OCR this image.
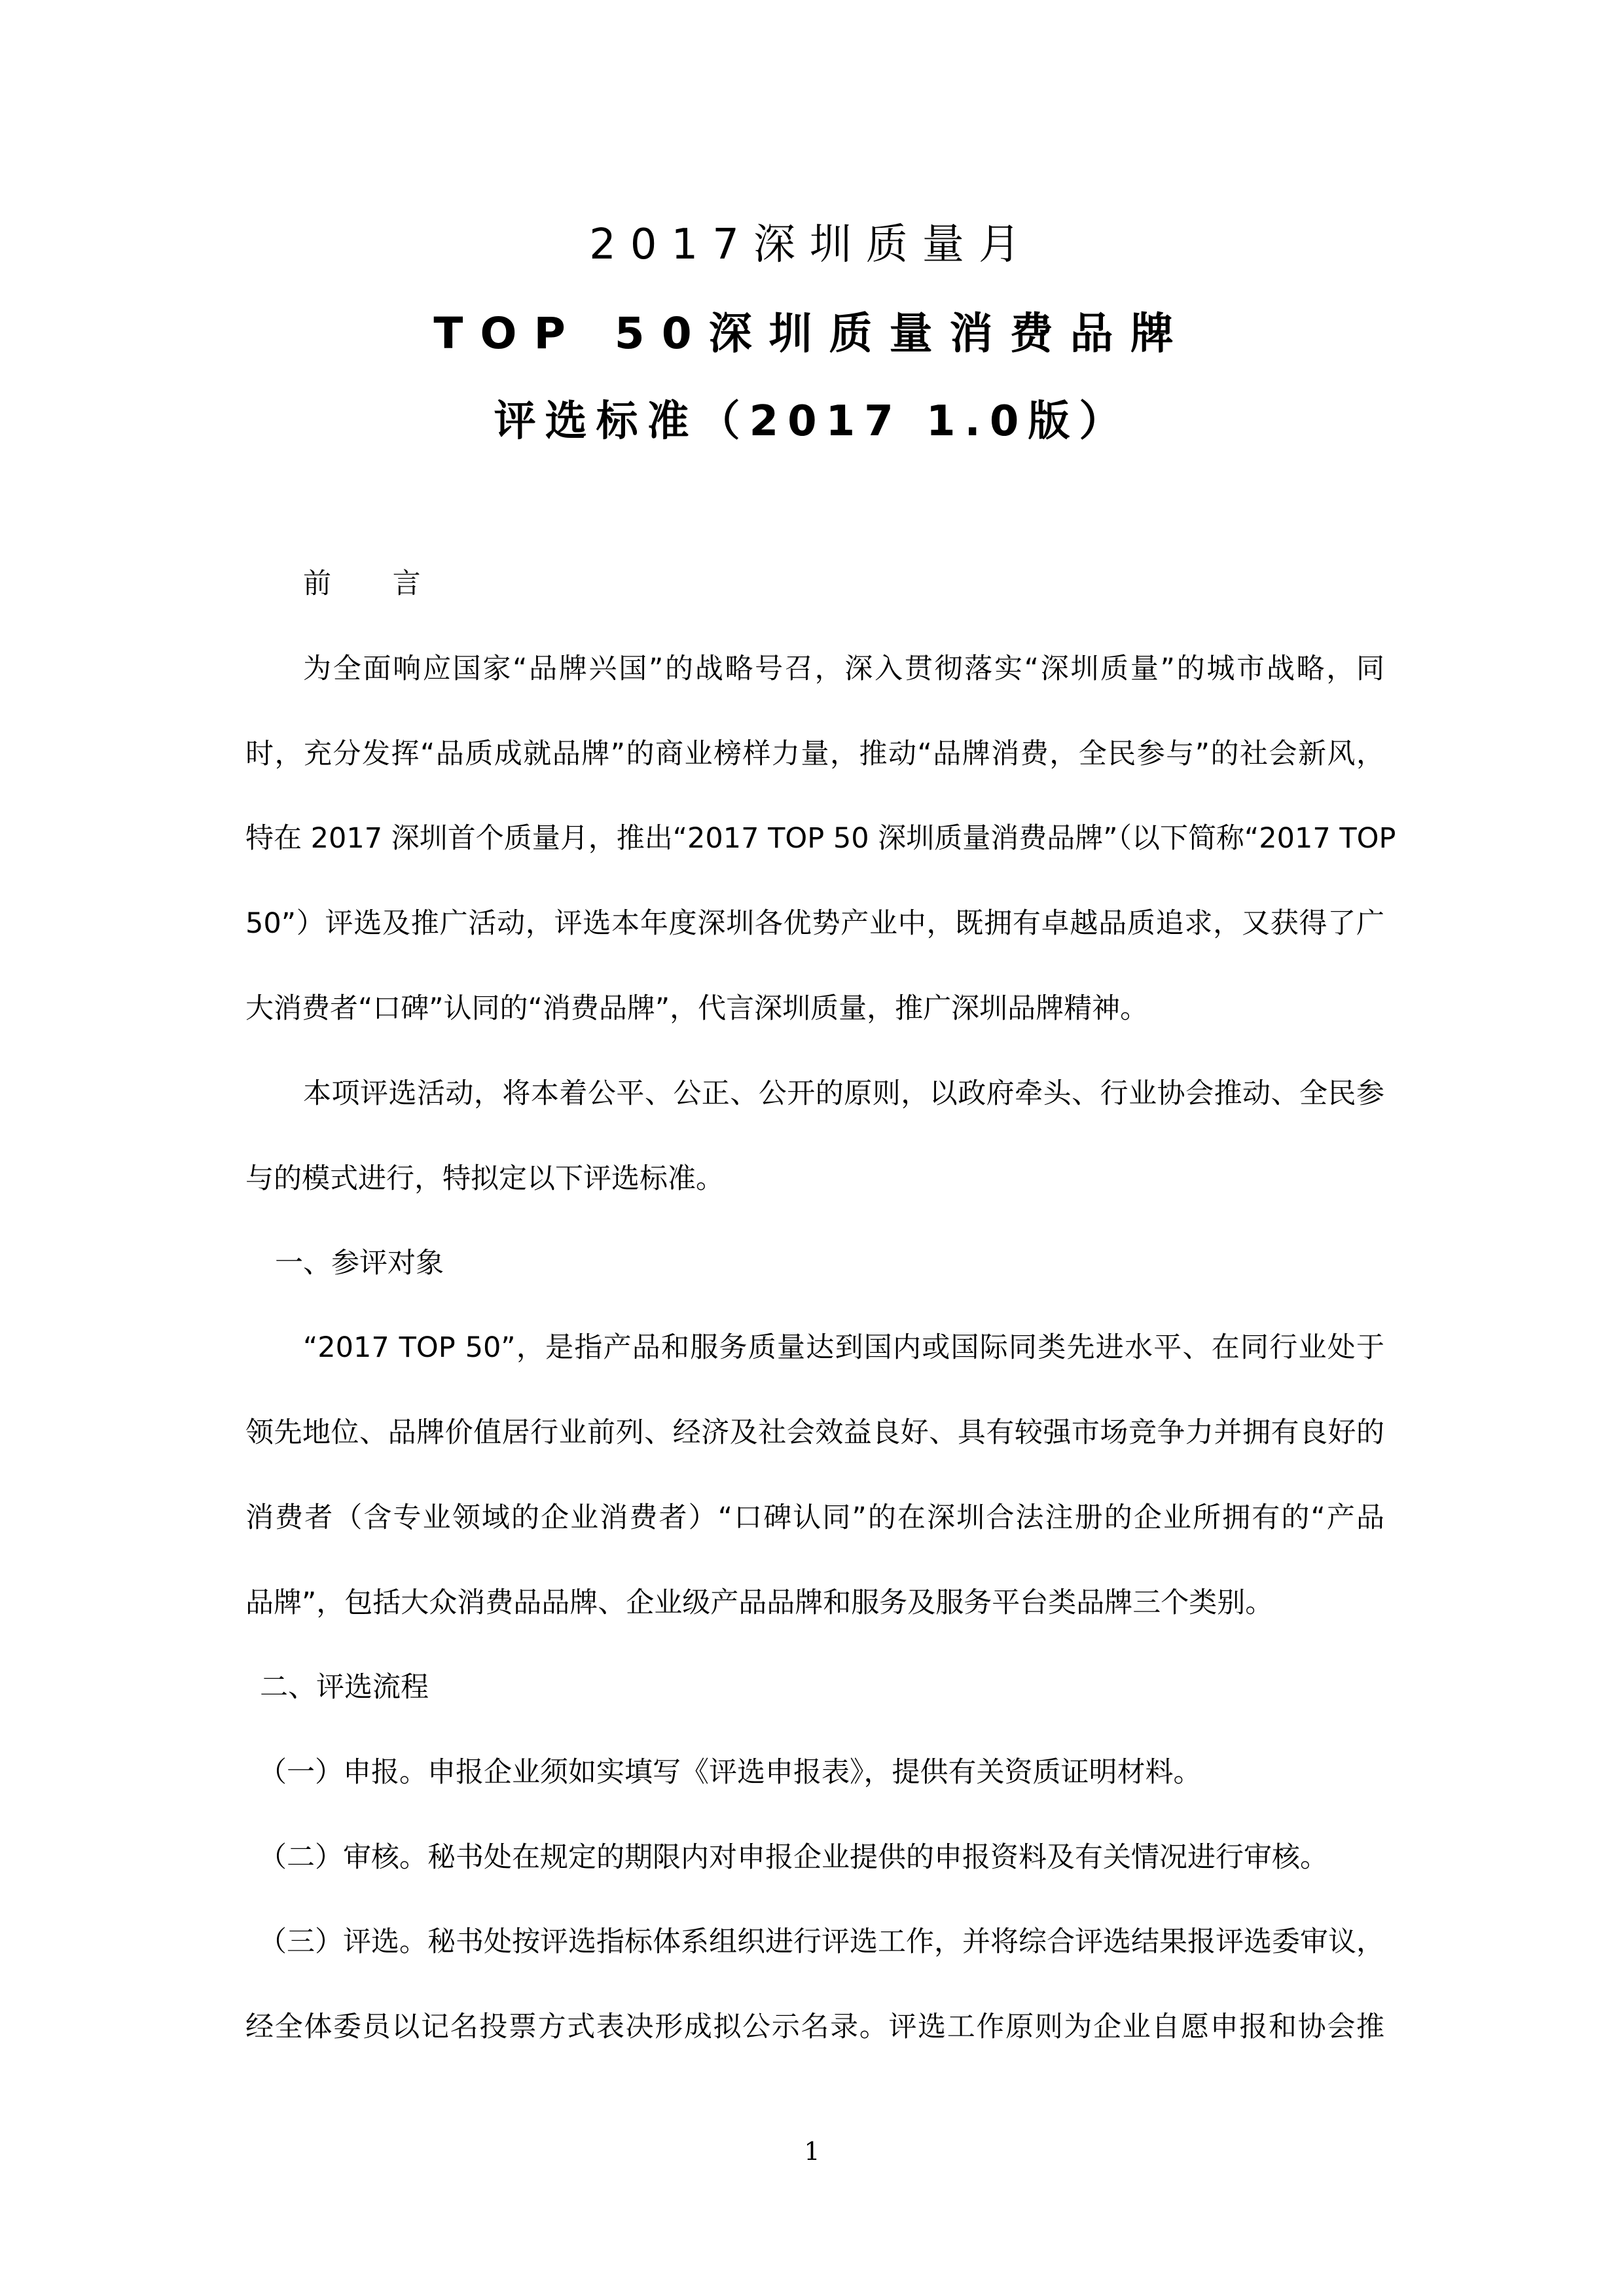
2017深圳质量月
TOP 50深圳质量消费品牌
评选标准（2017 1.0版）
前 言
为全面响应国家“品牌兴国”的战略号召，深入贯彻落实“深圳质量”的城市战略，同
时，充分发挥“品质成就品牌”的商业榜样力量，推动“品牌消费，全民参与”的社会新风，
特在 2017 深圳首个质量月，推出“2017 TOP 50 深圳质量消费品牌”（以下简称“2017 TOP
50”）评选及推广活动，评选本年度深圳各优势产业中，既拥有卓越品质追求，又获得了广
大消费者“口碑”认同的“消费品牌”，代言深圳质量，推广深圳品牌精神。
本项评选活动，将本着公平、公正、公开的原则，以政府牵头、行业协会推动、全民参
与的模式进行，特拟定以下评选标准。
一、参评对象
“2017 TOP 50”，是指产品和服务质量达到国内或国际同类先进水平、在同行业处于
领先地位、品牌价值居行业前列、经济及社会效益良好、具有较强市场竞争力并拥有良好的
消费者（含专业领域的企业消费者）“口碑认同”的在深圳合法注册的企业所拥有的“产品
品牌”，包括大众消费品品牌、企业级产品品牌和服务及服务平台类品牌三个类别。
二、评选流程
（一）申报。申报企业须如实填写《评选申报表》，提供有关资质证明材料。
（二）审核。秘书处在规定的期限内对申报企业提供的申报资料及有关情况进行审核。
（三）评选。秘书处按评选指标体系组织进行评选工作，并将综合评选结果报评选委审议，
经全体委员以记名投票方式表决形成拟公示名录。评选工作原则为企业自愿申报和协会推
1
